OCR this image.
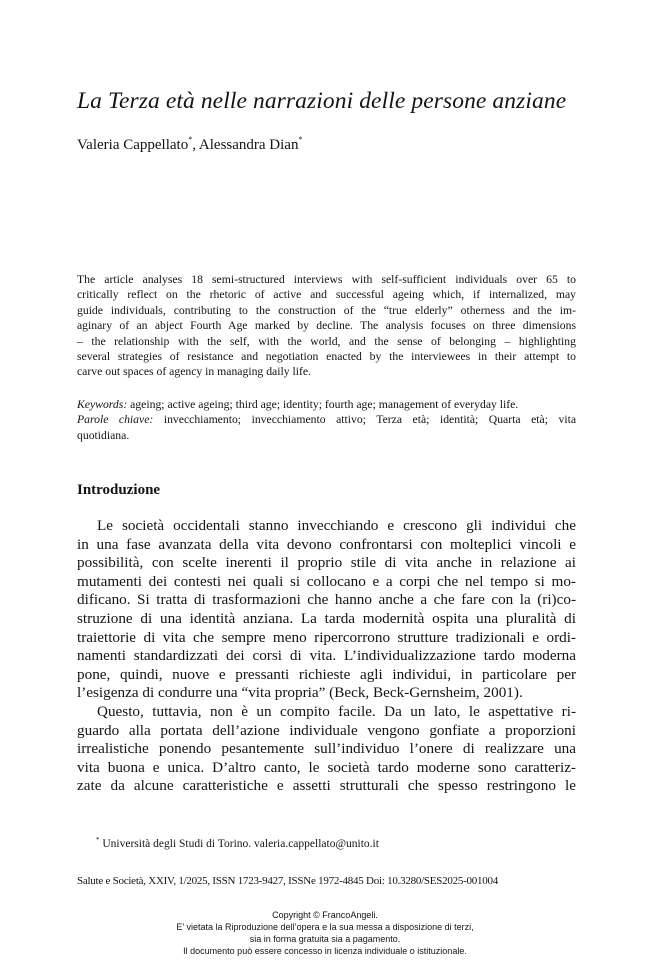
La Terza età nelle narrazioni delle persone anziane
Valeria Cappellato*, Alessandra Dian*
The article analyses 18 semi-structured interviews with self-sufficient individuals over 65 to
critically reflect on the rhetoric of active and successful ageing which, if internalized, may
guide individuals, contributing to the construction of the “true elderly” otherness and the im-
aginary of an abject Fourth Age marked by decline. The analysis focuses on three dimensions
– the relationship with the self, with the world, and the sense of belonging – highlighting
several strategies of resistance and negotiation enacted by the interviewees in their attempt to
carve out spaces of agency in managing daily life.
Keywords: ageing; active ageing; third age; identity; fourth age; management of everyday life.
Parole chiave: invecchiamento; invecchiamento attivo; Terza età; identità; Quarta età; vita
quotidiana.
Introduzione
Le società occidentali stanno invecchiando e crescono gli individui che
in una fase avanzata della vita devono confrontarsi con molteplici vincoli e
possibilità, con scelte inerenti il proprio stile di vita anche in relazione ai
mutamenti dei contesti nei quali si collocano e a corpi che nel tempo si mo-
dificano. Si tratta di trasformazioni che hanno anche a che fare con la (ri)co-
struzione di una identità anziana. La tarda modernità ospita una pluralità di
traiettorie di vita che sempre meno ripercorrono strutture tradizionali e ordi-
namenti standardizzati dei corsi di vita. L’individualizzazione tardo moderna
pone, quindi, nuove e pressanti richieste agli individui, in particolare per
l’esigenza di condurre una “vita propria” (Beck, Beck-Gernsheim, 2001).
Questo, tuttavia, non è un compito facile. Da un lato, le aspettative ri-
guardo alla portata dell’azione individuale vengono gonfiate a proporzioni
irrealistiche ponendo pesantemente sull’individuo l’onere di realizzare una
vita buona e unica. D’altro canto, le società tardo moderne sono caratteriz-
zate da alcune caratteristiche e assetti strutturali che spesso restringono le
* Università degli Studi di Torino. valeria.cappellato@unito.it
Salute e Società, XXIV, 1/2025, ISSN 1723-9427, ISSNe 1972-4845 Doi: 10.3280/SES2025-001004
Copyright © FrancoAngeli.
E’ vietata la Riproduzione dell’opera e la sua messa a disposizione di terzi,
sia in forma gratuita sia a pagamento.
Il documento può essere concesso in licenza individuale o istituzionale.
